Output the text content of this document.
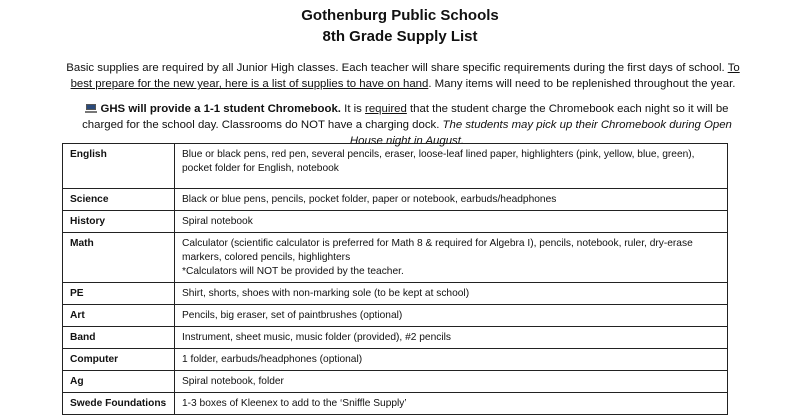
Gothenburg Public Schools
8th Grade Supply List
Basic supplies are required by all Junior High classes. Each teacher will share specific requirements during the first days of school. To best prepare for the new year, here is a list of supplies to have on hand. Many items will need to be replenished throughout the year.
GHS will provide a 1-1 student Chromebook. It is required that the student charge the Chromebook each night so it will be charged for the school day. Classrooms do NOT have a charging dock. The students may pick up their Chromebook during Open House night in August.
English	Blue or black pens, red pen, several pencils, eraser, loose-leaf lined paper, highlighters (pink, yellow, blue, green), pocket folder for English, notebook

Science	Black or blue pens, pencils, pocket folder, paper or notebook, earbuds/headphones
History	Spiral notebook
Math	Calculator (scientific calculator is preferred for Math 8 & required for Algebra I), pencils, notebook, ruler, dry-erase markers, colored pencils, highlighters
*Calculators will NOT be provided by the teacher.

PE	Shirt, shorts, shoes with non-marking sole (to be kept at school)
Art	Pencils, big eraser, set of paintbrushes (optional)
Band	Instrument, sheet music, music folder (provided), #2 pencils
Computer	1 folder, earbuds/headphones (optional)
Ag	Spiral notebook, folder
Swede Foundations	1-3 boxes of Kleenex to add to the ‘Sniffle Supply’
